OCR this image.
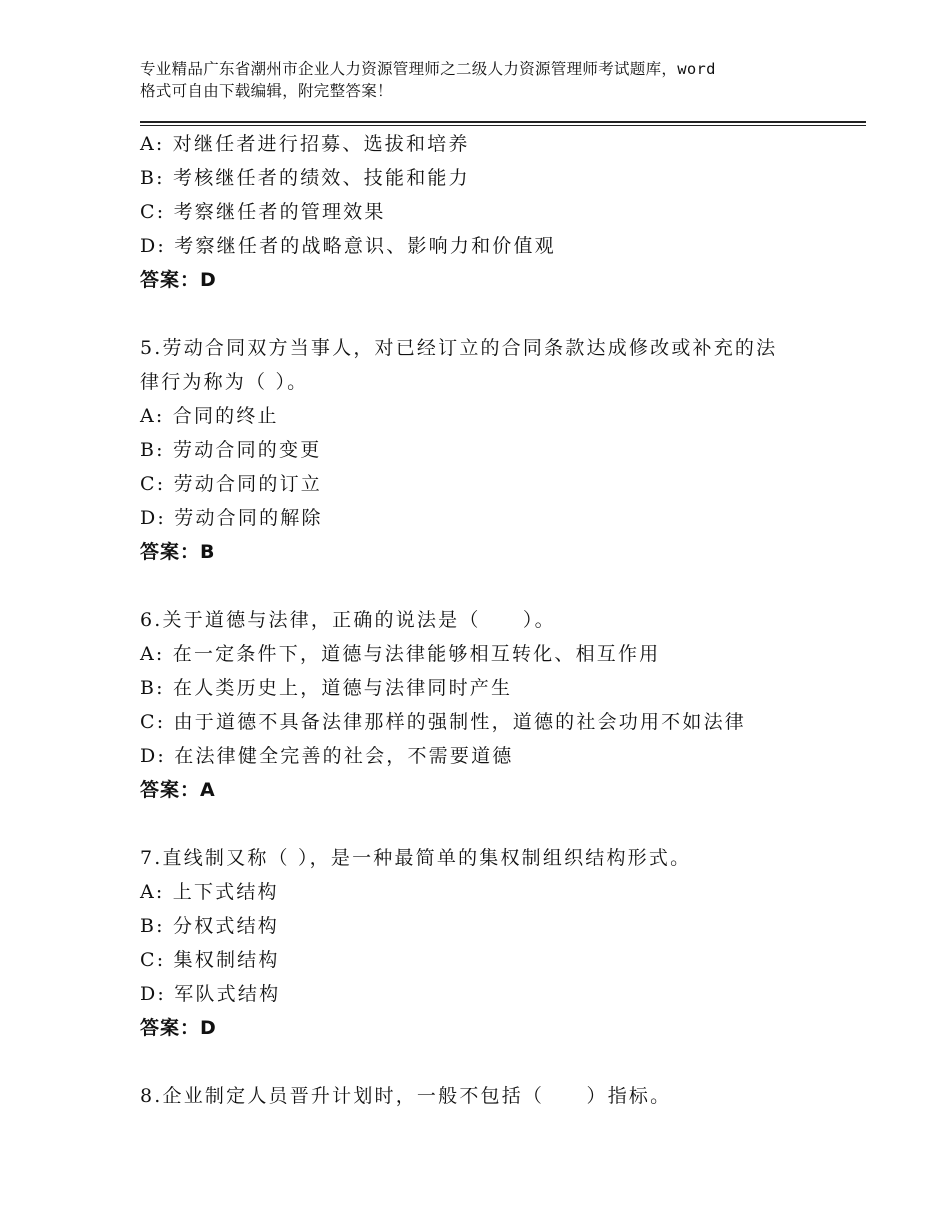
专业精品广东省潮州市企业人力资源管理师之二级人力资源管理师考试题库，word
格式可自由下载编辑，附完整答案！
A: 对继任者进行招募、选拔和培养
B: 考核继任者的绩效、技能和能力
C: 考察继任者的管理效果
D: 考察继任者的战略意识、影响力和价值观
答案：D
5.劳动合同双方当事人，对已经订立的合同条款达成修改或补充的法
律行为称为（ ）。
A: 合同的终止
B: 劳动合同的变更
C: 劳动合同的订立
D: 劳动合同的解除
答案：B
6.关于道德与法律，正确的说法是（　　）。
A: 在一定条件下，道德与法律能够相互转化、相互作用
B: 在人类历史上，道德与法律同时产生
C: 由于道德不具备法律那样的强制性，道德的社会功用不如法律
D: 在法律健全完善的社会，不需要道德
答案：A
7.直线制又称（ ），是一种最简单的集权制组织结构形式。
A: 上下式结构
B: 分权式结构
C: 集权制结构
D: 军队式结构
答案：D
8.企业制定人员晋升计划时，一般不包括（　　）指标。
